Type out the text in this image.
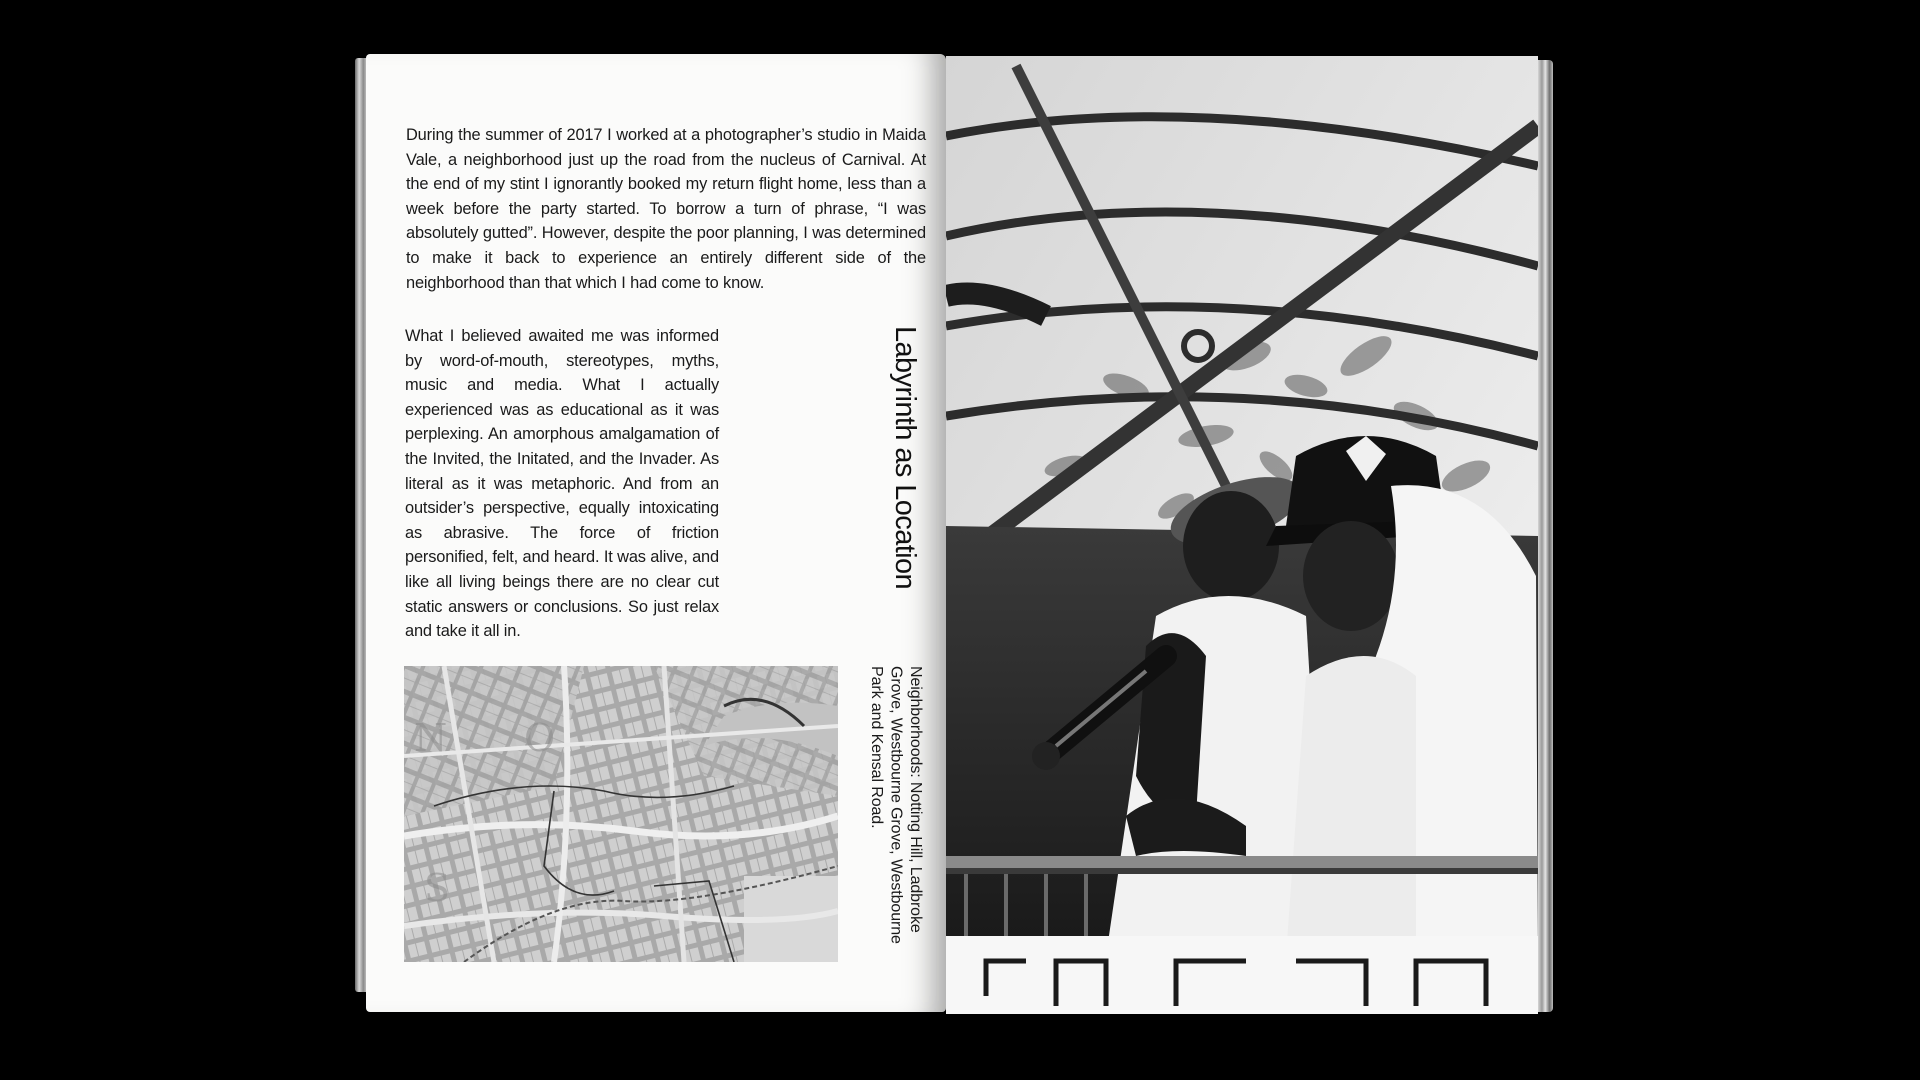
During the summer of 2017 I worked at a photographer’s studio in Maida Vale, a neighborhood just up the road from the nucleus of Carnival. At the end of my stint I ignorantly booked my return flight home, less than a week before the party started. To borrow a turn of phrase, “I was absolutely gutted”. However, despite the poor planning, I was determined to make it back to experience an entirely different side of the neighborhood than that which I had come to know.

What I believed awaited me was informed by word-of-mouth, stereotypes, myths, music and media. What I actually experienced was as educational as it was perplexing. An amorphous amalgamation of the Invited, the Initated, and the Invader. As literal as it was metaphoric. And from an outsider’s perspective, equally intoxicating as abrasive. The force of friction personified, felt, and heard. It was alive, and like all living beings there are no clear cut static answers or conclusions. So just relax and take it all in.

Labyrinth as Location
Neighborhoods: Notting Hill, Ladbroke Grove, Westbourne Grove, Westbourne Park and Kensal Road.
N O
S
